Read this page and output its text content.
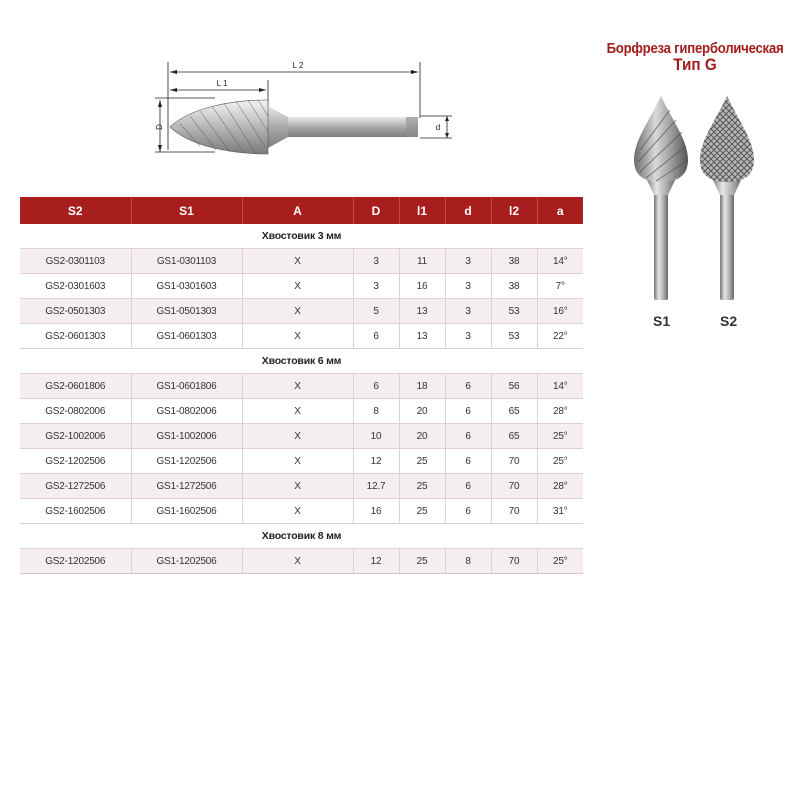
L 2
L 1
D	d
Борфреза гиперболическая
Тип G
S1	S2
S2	S1	A	D	l1	d	l2	a
Хвостовик 3 мм							
GS2-0301103	GS1-0301103	X	3	11	3	38	14°
GS2-0301603	GS1-0301603	X	3	16	3	38	7°
GS2-0501303	GS1-0501303	X	5	13	3	53	16°
GS2-0601303	GS1-0601303	X	6	13	3	53	22°
Хвостовик 6 мм							
GS2-0601806	GS1-0601806	X	6	18	6	56	14°
GS2-0802006	GS1-0802006	X	8	20	6	65	28°
GS2-1002006	GS1-1002006	X	10	20	6	65	25°
GS2-1202506	GS1-1202506	X	12	25	6	70	25°
GS2-1272506	GS1-1272506	X	12.7	25	6	70	28°
GS2-1602506	GS1-1602506	X	16	25	6	70	31°
Хвостовик 8 мм							
GS2-1202506	GS1-1202506	X	12	25	8	70	25°
